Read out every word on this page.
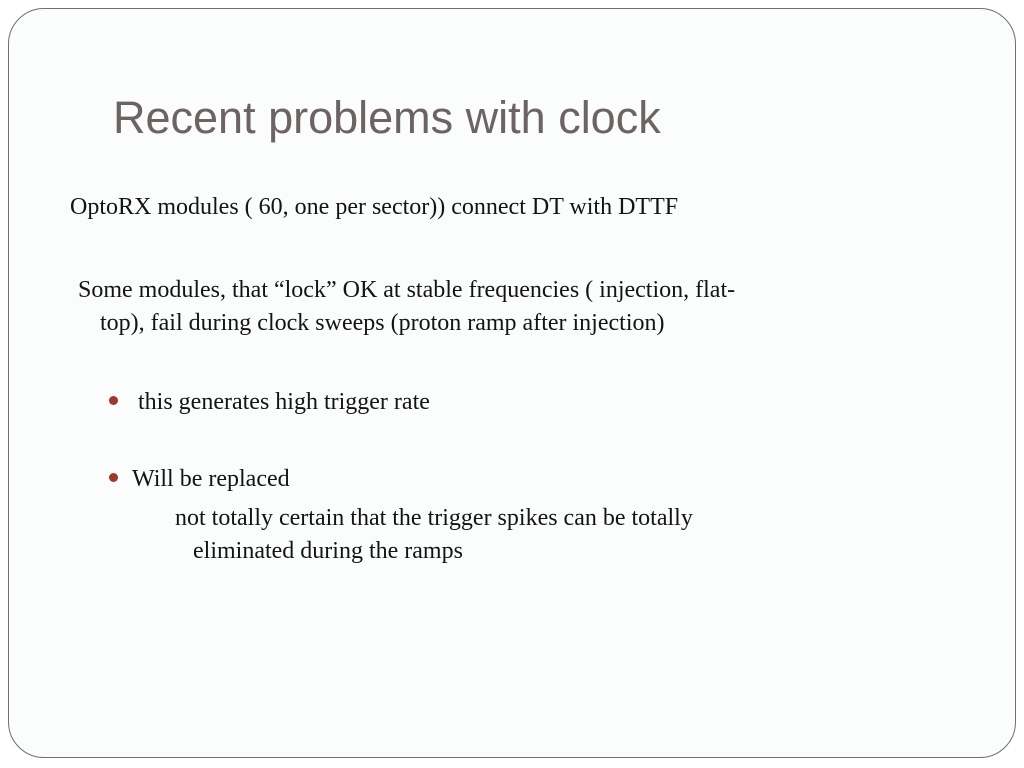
Recent problems with clock

OptoRX modules ( 60, one per sector)) connect DT with DTTF

Some modules, that “lock” OK at stable frequencies ( injection, flat-
top), fail during clock sweeps (proton ramp after injection)

this generates high trigger rate
Will be replaced

not totally certain that the trigger spikes can be totally
eliminated during the ramps
